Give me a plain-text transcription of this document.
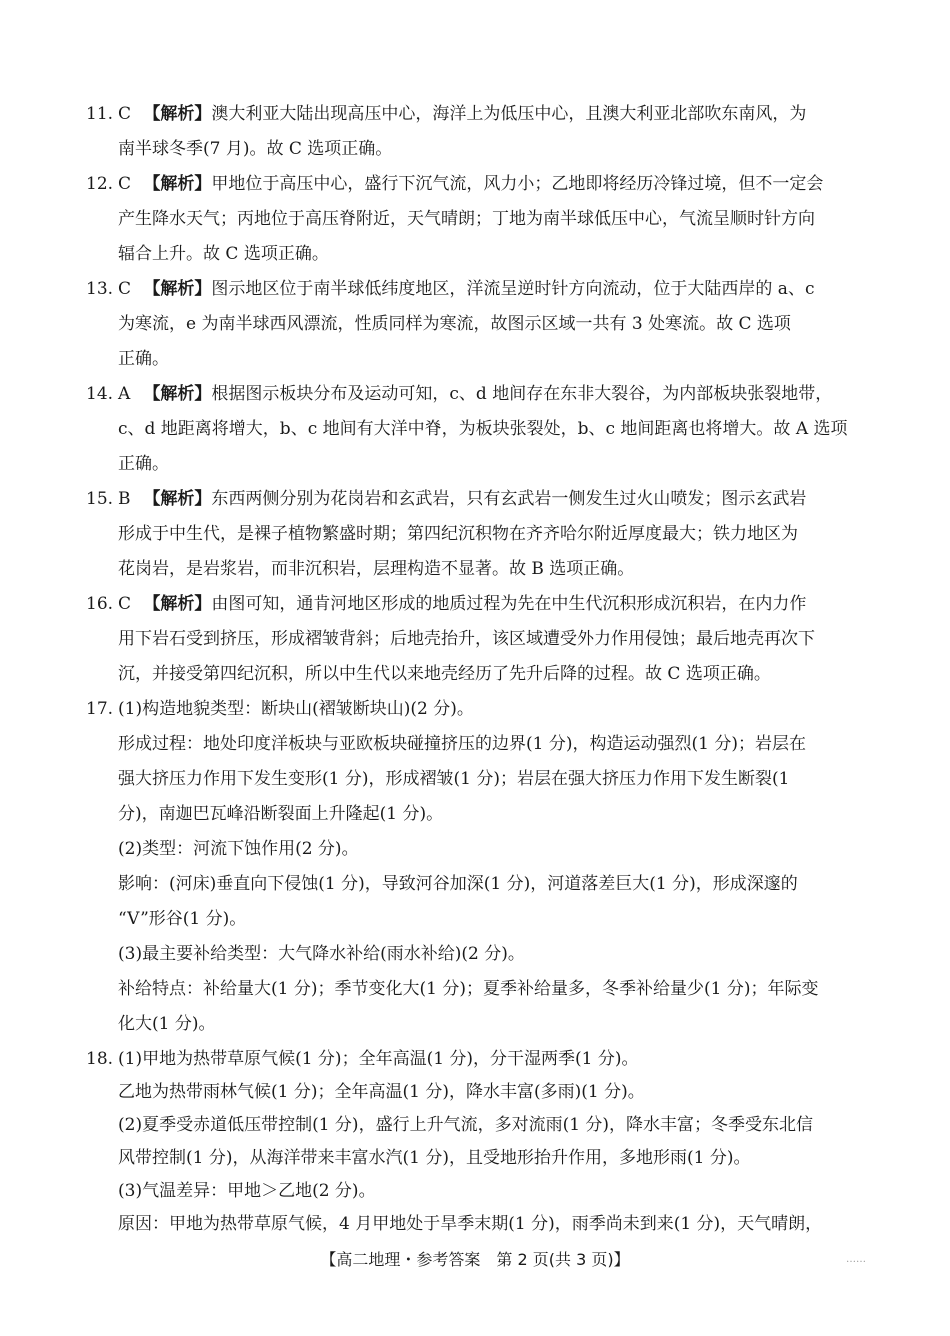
11. C 【解析】澳大利亚大陆出现高压中心，海洋上为低压中心，且澳大利亚北部吹东南风，为
南半球冬季(7 月)。故 C 选项正确。
12. C 【解析】甲地位于高压中心，盛行下沉气流，风力小；乙地即将经历冷锋过境，但不一定会
产生降水天气；丙地位于高压脊附近，天气晴朗；丁地为南半球低压中心，气流呈顺时针方向
辐合上升。故 C 选项正确。
13. C 【解析】图示地区位于南半球低纬度地区，洋流呈逆时针方向流动，位于大陆西岸的 a、c
为寒流，e 为南半球西风漂流，性质同样为寒流，故图示区域一共有 3 处寒流。故 C 选项
正确。
14. A 【解析】根据图示板块分布及运动可知，c、d 地间存在东非大裂谷，为内部板块张裂地带，
c、d 地距离将增大，b、c 地间有大洋中脊，为板块张裂处，b、c 地间距离也将增大。故 A 选项
正确。
15. B 【解析】东西两侧分别为花岗岩和玄武岩，只有玄武岩一侧发生过火山喷发；图示玄武岩
形成于中生代，是裸子植物繁盛时期；第四纪沉积物在齐齐哈尔附近厚度最大；铁力地区为
花岗岩，是岩浆岩，而非沉积岩，层理构造不显著。故 B 选项正确。
16. C 【解析】由图可知，通肯河地区形成的地质过程为先在中生代沉积形成沉积岩，在内力作
用下岩石受到挤压，形成褶皱背斜；后地壳抬升，该区域遭受外力作用侵蚀；最后地壳再次下
沉，并接受第四纪沉积，所以中生代以来地壳经历了先升后降的过程。故 C 选项正确。
17. (1)构造地貌类型：断块山(褶皱断块山)(2 分)。
形成过程：地处印度洋板块与亚欧板块碰撞挤压的边界(1 分)，构造运动强烈(1 分)；岩层在
强大挤压力作用下发生变形(1 分)，形成褶皱(1 分)；岩层在强大挤压力作用下发生断裂(1
分)，南迦巴瓦峰沿断裂面上升隆起(1 分)。
(2)类型：河流下蚀作用(2 分)。
影响：(河床)垂直向下侵蚀(1 分)，导致河谷加深(1 分)，河道落差巨大(1 分)，形成深邃的
“V”形谷(1 分)。
(3)最主要补给类型：大气降水补给(雨水补给)(2 分)。
补给特点：补给量大(1 分)；季节变化大(1 分)；夏季补给量多，冬季补给量少(1 分)；年际变
化大(1 分)。
18. (1)甲地为热带草原气候(1 分)；全年高温(1 分)，分干湿两季(1 分)。
乙地为热带雨林气候(1 分)；全年高温(1 分)，降水丰富(多雨)(1 分)。
(2)夏季受赤道低压带控制(1 分)，盛行上升气流，多对流雨(1 分)，降水丰富；冬季受东北信
风带控制(1 分)，从海洋带来丰富水汽(1 分)，且受地形抬升作用，多地形雨(1 分)。
(3)气温差异：甲地＞乙地(2 分)。
【高二地理・参考答案　第 2 页(共 3 页)】	……
原因：甲地为热带草原气候，4 月甲地处于旱季末期(1 分)，雨季尚未到来(1 分)，天气晴朗，
